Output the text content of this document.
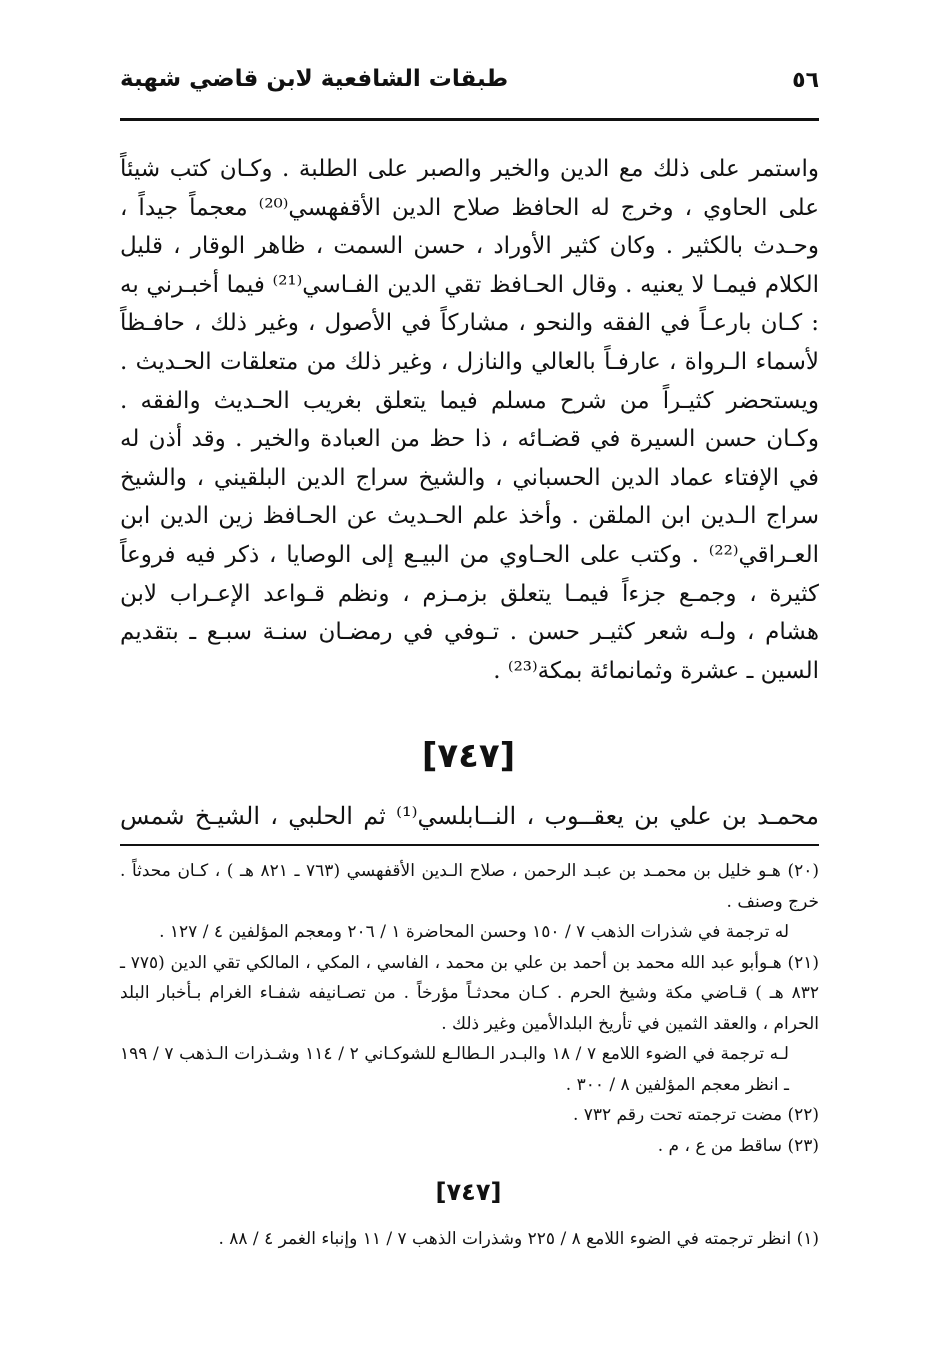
٥٦
طبقات الشافعية لابن قاضي شهبة

واستمر على ذلك مع الدين والخير والصبر على الطلبة . وكـان كتب شيئاً على الحاوي ، وخرج له الحافظ صلاح الدين الأقفهسي⁽²⁰⁾ معجماً جيداً ، وحـدث بالكثير . وكان كثير الأوراد ، حسن السمت ، ظاهر الوقار ، قليل الكلام فيمـا لا يعنيه . وقال الحـافظ تقي الدين الفـاسي⁽²¹⁾ فيما أخبـرني به : كـان بارعـاً في الفقه والنحو ، مشاركاً في الأصول ، وغير ذلك ، حافـظاً لأسماء الـرواة ، عارفـاً بالعالي والنازل ، وغير ذلك من متعلقات الحـديث . ويستحضر كثيـراً من شرح مسلم فيما يتعلق بغريب الحـديث والفقه . وكـان حسن السيرة في قضـائه ، ذا حظ من العبادة والخير . وقد أذن له في الإفتاء عماد الدين الحسباني ، والشيخ سراج الدين البلقيني ، والشيخ سراج الـدين ابن الملقن . وأخذ علم الحـديث عن الحـافظ زين الدين ابن العـراقي⁽²²⁾ . وكتب على الحـاوي من البيـع إلى الوصايا ، ذكر فيه فروعاً كثيرة ، وجمـع جزءاً فيمـا يتعلق بزمـزم ، ونظم قـواعد الإعـراب لابن هشام ، ولـه شعر كثيـر حسن . تـوفي في رمضـان سنـة سبـع ـ بتقديم السين ـ عشرة وثمانمائة بمكة⁽²³⁾ .

[٧٤٧]
محمـد بن علي بن يعقــوب ، النــابلسي⁽¹⁾ ثم الحلبي ، الشيـخ شمس

(٢٠) هـو خليل بن محمـد بن عبـد الرحمن ، صلاح الـدين الأقفهسي (٧٦٣ ـ ٨٢١ هـ ) ، كـان محدثاً . خرج وصنف .

له ترجمة في شذرات الذهب ٧ / ١٥٠ وحسن المحاضرة ١ / ٢٠٦ ومعجم المؤلفين ٤ / ١٢٧ .

(٢١) هـوأبو عبد الله محمد بن أحمد بن علي بن محمد ، الفاسي ، المكي ، المالكي تقي الدين (٧٧٥ ـ ٨٣٢ هـ ) قـاضي مكة وشيخ الحرم . كـان محدثـاً مؤرخاً . من تصـانيفه شفـاء الغرام بـأخبار البلد الحرام ، والعقد الثمين في تأريخ البلدالأمين وغير ذلك .

لـه ترجمة في الضوء اللامع ٧ / ١٨ والبـدر الـطالـع للشوكـاني ٢ / ١١٤ وشـذرات الـذهب ٧ / ١٩٩ ـ انظر معجم المؤلفين ٨ / ٣٠٠ .

(٢٢) مضت ترجمته تحت رقم ٧٣٢ .

(٢٣) ساقط من ع ، م .

[٧٤٧]
(١) انظر ترجمته في الضوء اللامع ٨ / ٢٢٥ وشذرات الذهب ٧ / ١١ وإنباء الغمر ٤ / ٨٨ .
